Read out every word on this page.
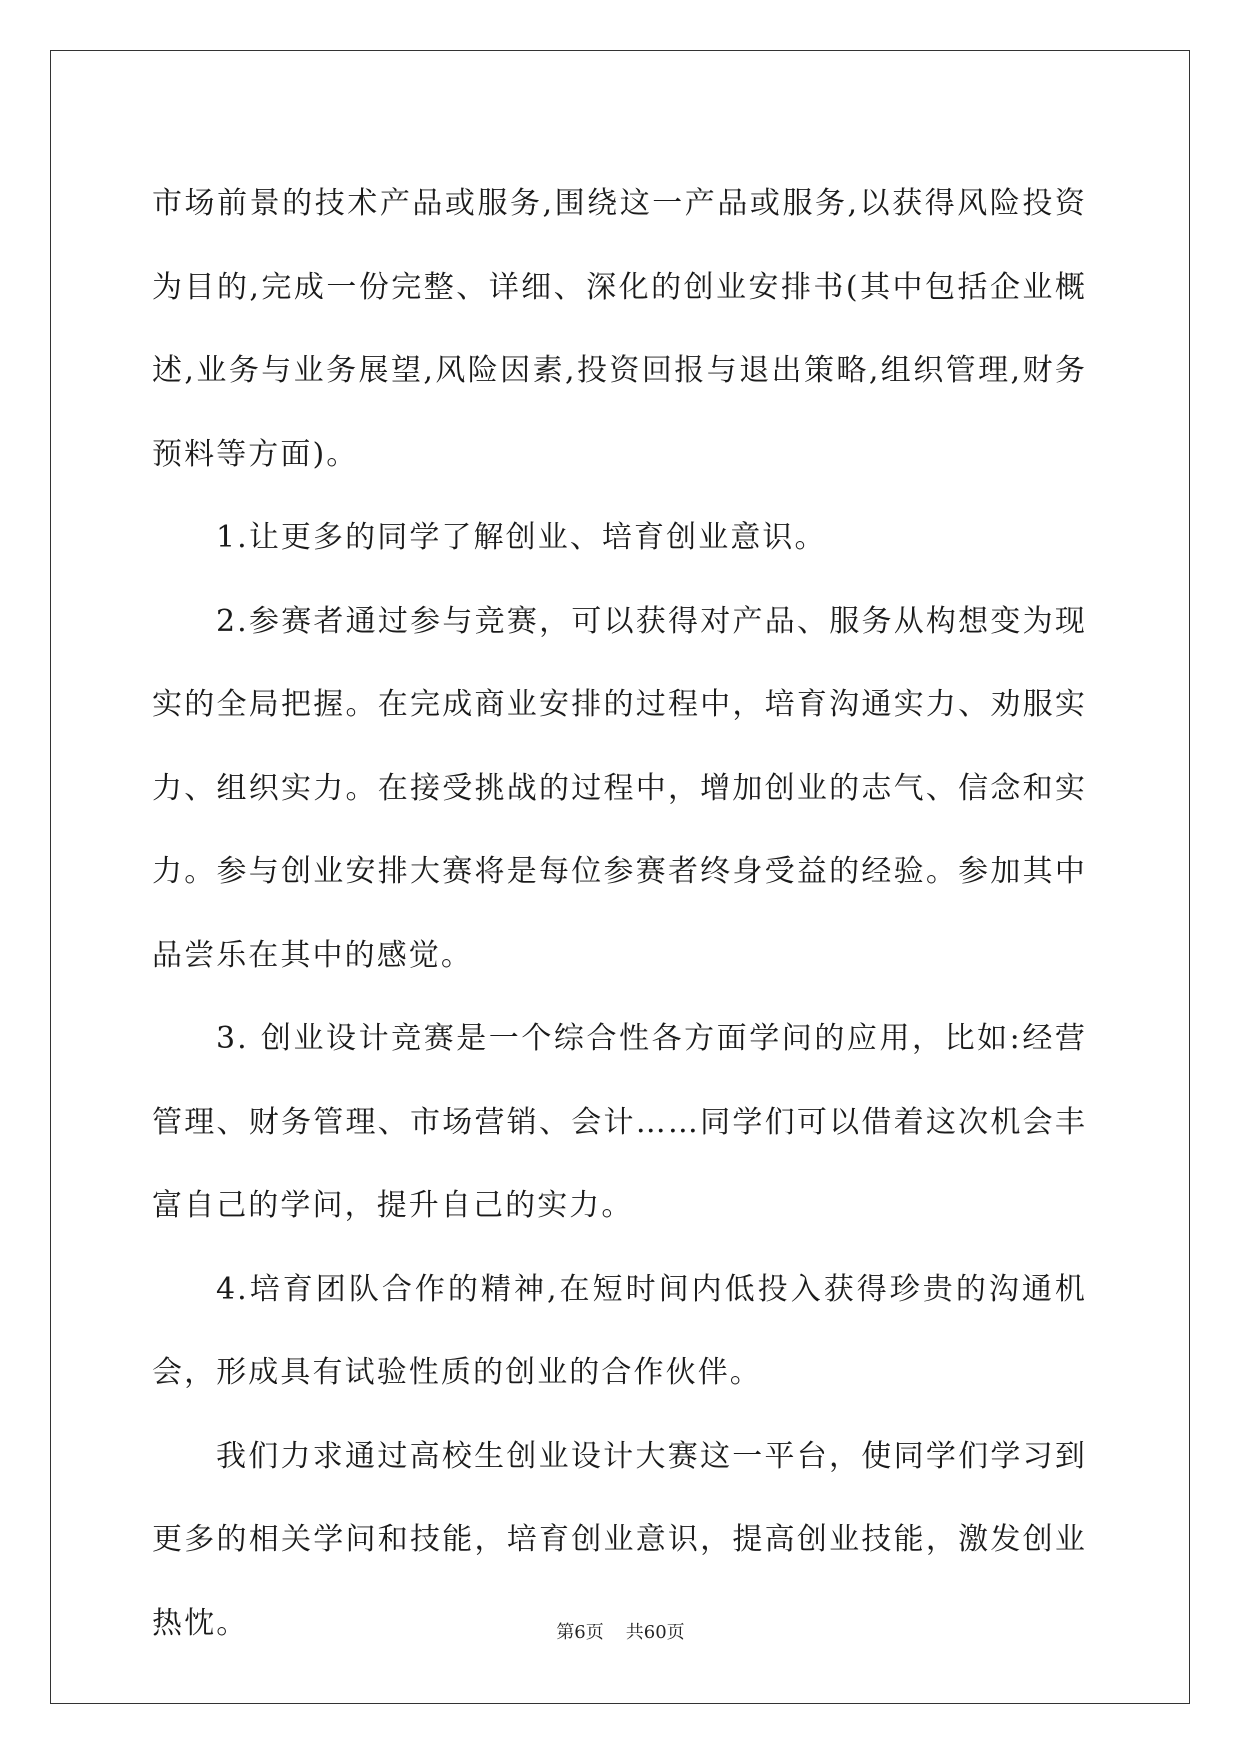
市场前景的技术产品或服务,围绕这一产品或服务,以获得风险投资为目的,完成一份完整、详细、深化的创业安排书(其中包括企业概述,业务与业务展望,风险因素,投资回报与退出策略,组织管理,财务预料等方面)。

1.让更多的同学了解创业、培育创业意识。

2.参赛者通过参与竞赛，可以获得对产品、服务从构想变为现实的全局把握。在完成商业安排的过程中，培育沟通实力、劝服实力、组织实力。在接受挑战的过程中，增加创业的志气、信念和实力。参与创业安排大赛将是每位参赛者终身受益的经验。参加其中品尝乐在其中的感觉。

3. 创业设计竞赛是一个综合性各方面学问的应用，比如:经营管理、财务管理、市场营销、会计……同学们可以借着这次机会丰富自己的学问，提升自己的实力。

4.培育团队合作的精神,在短时间内低投入获得珍贵的沟通机会，形成具有试验性质的创业的合作伙伴。

我们力求通过高校生创业设计大赛这一平台，使同学们学习到更多的相关学问和技能，培育创业意识，提高创业技能，激发创业热忱。	第6页 共60页
